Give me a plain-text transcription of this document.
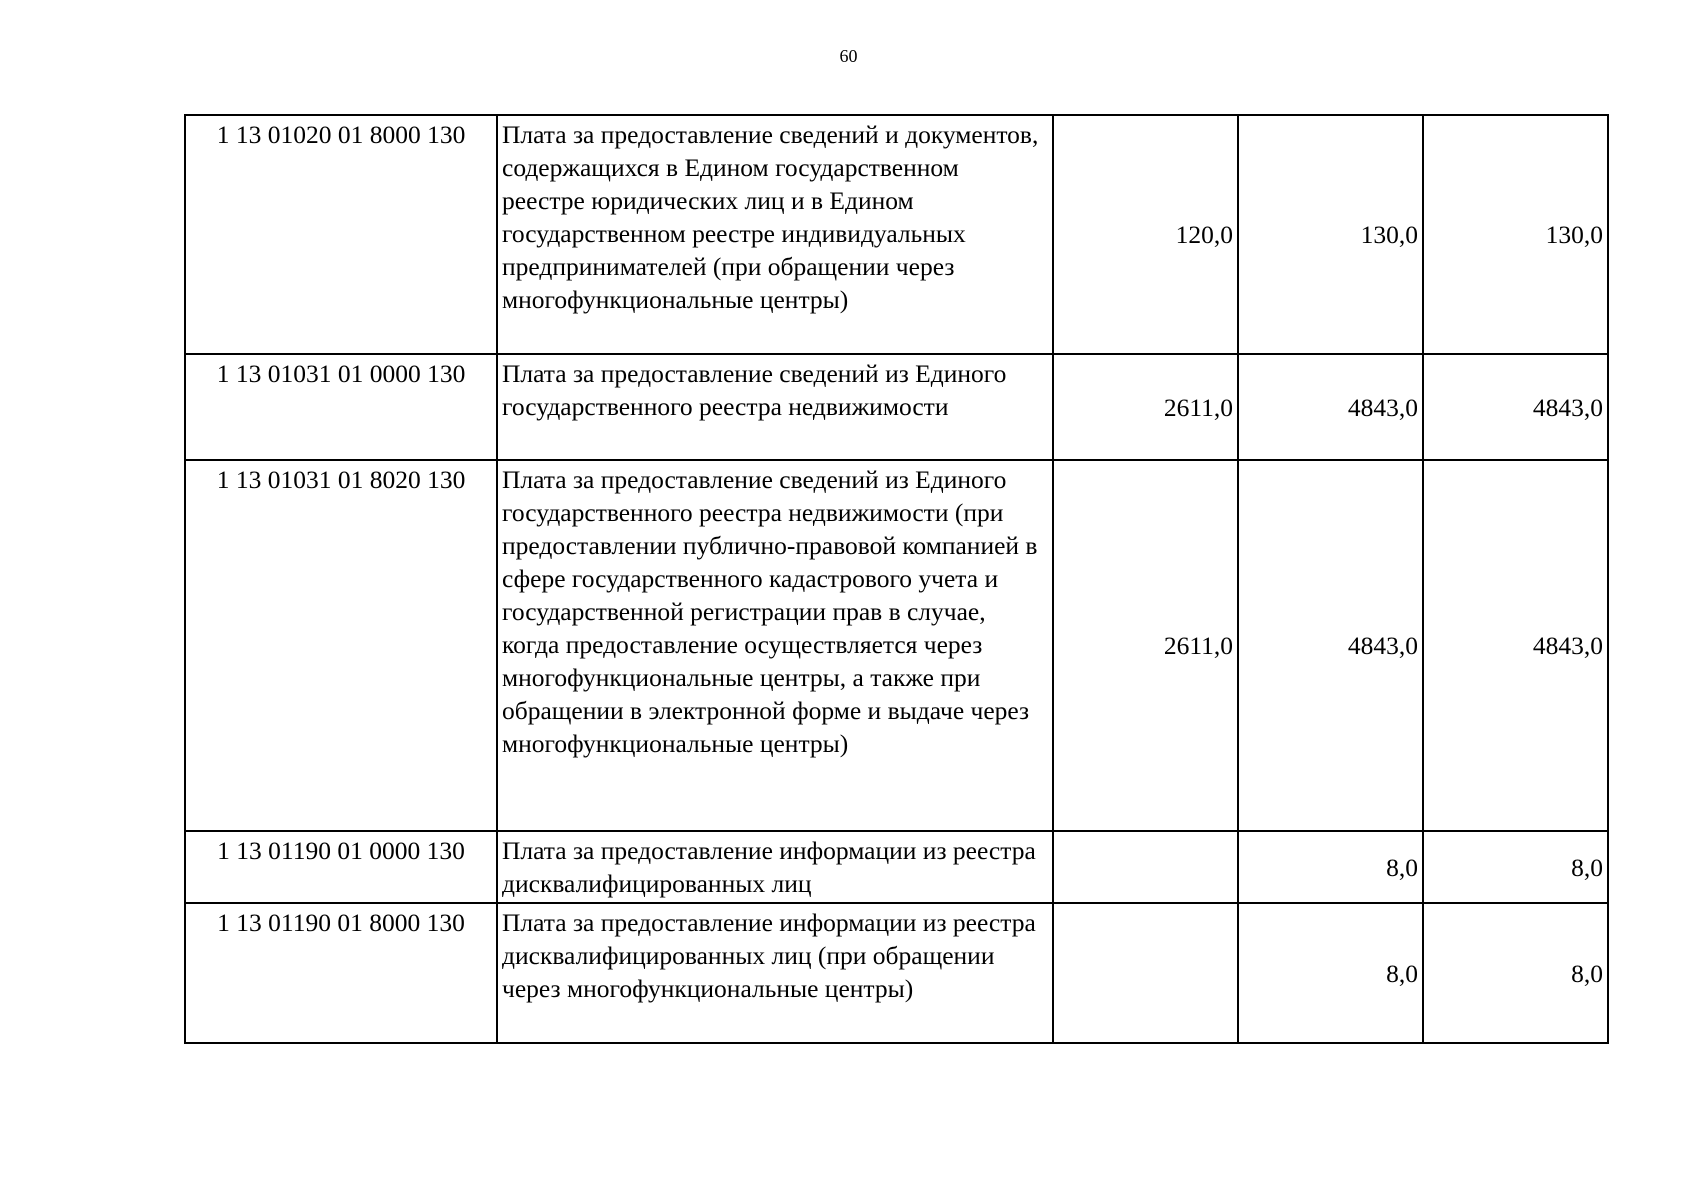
60
1 13 01020 01 8000 130	Плата за предоставление сведений и документов, содержащихся в Едином государственном реестре юридических лиц и в Едином государственном реестре индивидуальных предпринимателей (при обращении через многофункциональные центры)	120,0	130,0	130,0
1 13 01031 01 0000 130	Плата за предоставление сведений из Единого государственного реестра недвижимости	2611,0	4843,0	4843,0
1 13 01031 01 8020 130	Плата за предоставление сведений из Единого государственного реестра недвижимости (при предоставлении публично-правовой компанией в сфере государственного кадастрового учета и государственной регистрации прав в случае, когда предоставление осуществляется через многофункциональные центры, а также при обращении в электронной форме и выдаче через многофункциональные центры)	2611,0	4843,0	4843,0
1 13 01190 01 0000 130	Плата за предоставление информации из реестра дисквалифицированных лиц		8,0	8,0
1 13 01190 01 8000 130	Плата за предоставление информации из реестра дисквалифицированных лиц (при обращении через многофункциональные центры)		8,0	8,0
